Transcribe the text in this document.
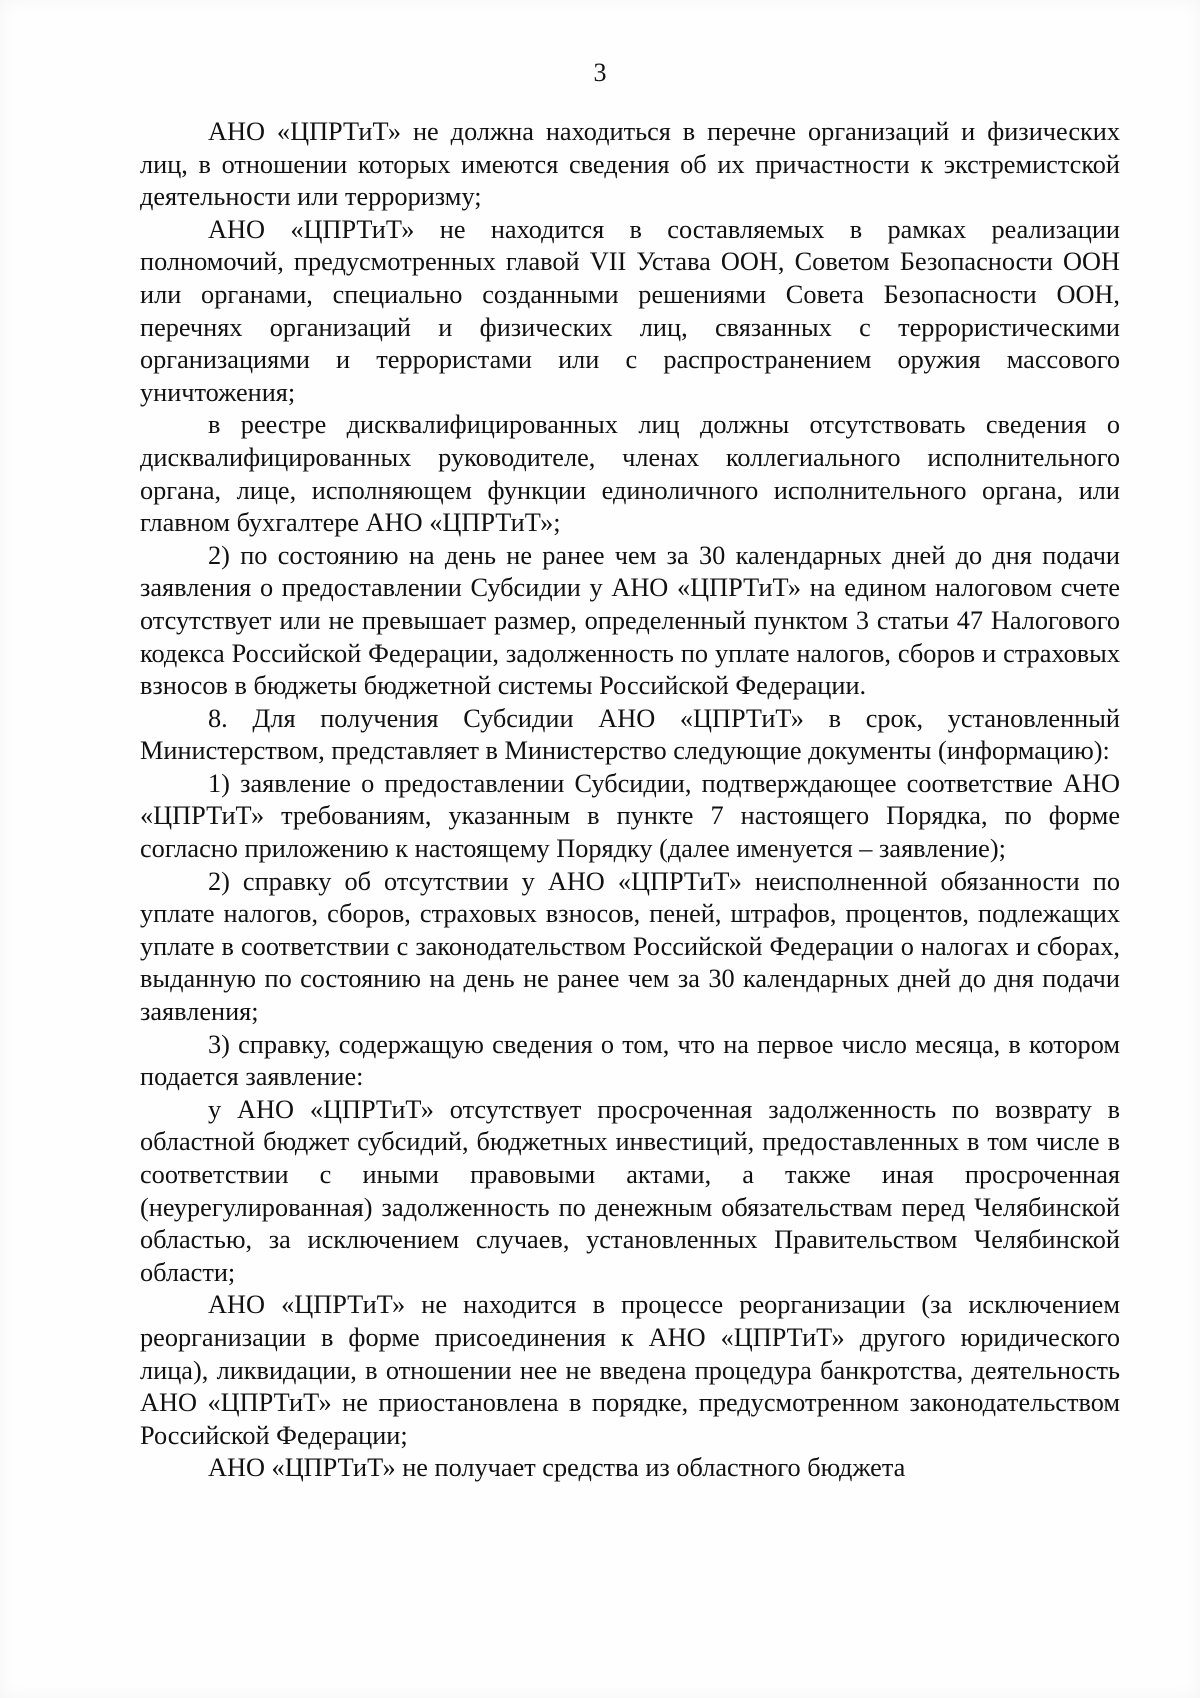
3

АНО «ЦПРТиТ» не должна находиться в перечне организаций и физических лиц, в отношении которых имеются сведения об их причастности к экстремистской деятельности или терроризму;

АНО «ЦПРТиТ» не находится в составляемых в рамках реализации полномочий, предусмотренных главой VII Устава ООН, Советом Безопасности ООН или органами, специально созданными решениями Совета Безопасности ООН, перечнях организаций и физических лиц, связанных с террористическими организациями и террористами или с распространением оружия массового уничтожения;

в реестре дисквалифицированных лиц должны отсутствовать сведения о дисквалифицированных руководителе, членах коллегиального исполнительного органа, лице, исполняющем функции единоличного исполнительного органа, или главном бухгалтере АНО «ЦПРТиТ»;

2) по состоянию на день не ранее чем за 30 календарных дней до дня подачи заявления о предоставлении Субсидии у АНО «ЦПРТиТ» на едином налоговом счете отсутствует или не превышает размер, определенный пунктом 3 статьи 47 Налогового кодекса Российской Федерации, задолженность по уплате налогов, сборов и страховых взносов в бюджеты бюджетной системы Российской Федерации.

8. Для получения Субсидии АНО «ЦПРТиТ» в срок, установленный Министерством, представляет в Министерство следующие документы (информацию):

1) заявление о предоставлении Субсидии, подтверждающее соответствие АНО «ЦПРТиТ» требованиям, указанным в пункте 7 настоящего Порядка, по форме согласно приложению к настоящему Порядку (далее именуется – заявление);

2) справку об отсутствии у АНО «ЦПРТиТ» неисполненной обязанности по уплате налогов, сборов, страховых взносов, пеней, штрафов, процентов, подлежащих уплате в соответствии с законодательством Российской Федерации о налогах и сборах, выданную по состоянию на день не ранее чем за 30 календарных дней до дня подачи заявления;

3) справку, содержащую сведения о том, что на первое число месяца, в котором подается заявление:

у АНО «ЦПРТиТ» отсутствует просроченная задолженность по возврату в областной бюджет субсидий, бюджетных инвестиций, предоставленных в том числе в соответствии с иными правовыми актами, а также иная просроченная (неурегулированная) задолженность по денежным обязательствам перед Челябинской областью, за исключением случаев, установленных Правительством Челябинской области;

АНО «ЦПРТиТ» не находится в процессе реорганизации (за исключением реорганизации в форме присоединения к АНО «ЦПРТиТ» другого юридического лица), ликвидации, в отношении нее не введена процедура банкротства, деятельность АНО «ЦПРТиТ» не приостановлена в порядке, предусмотренном законодательством Российской Федерации;

АНО «ЦПРТиТ» не получает средства из областного бюджета
